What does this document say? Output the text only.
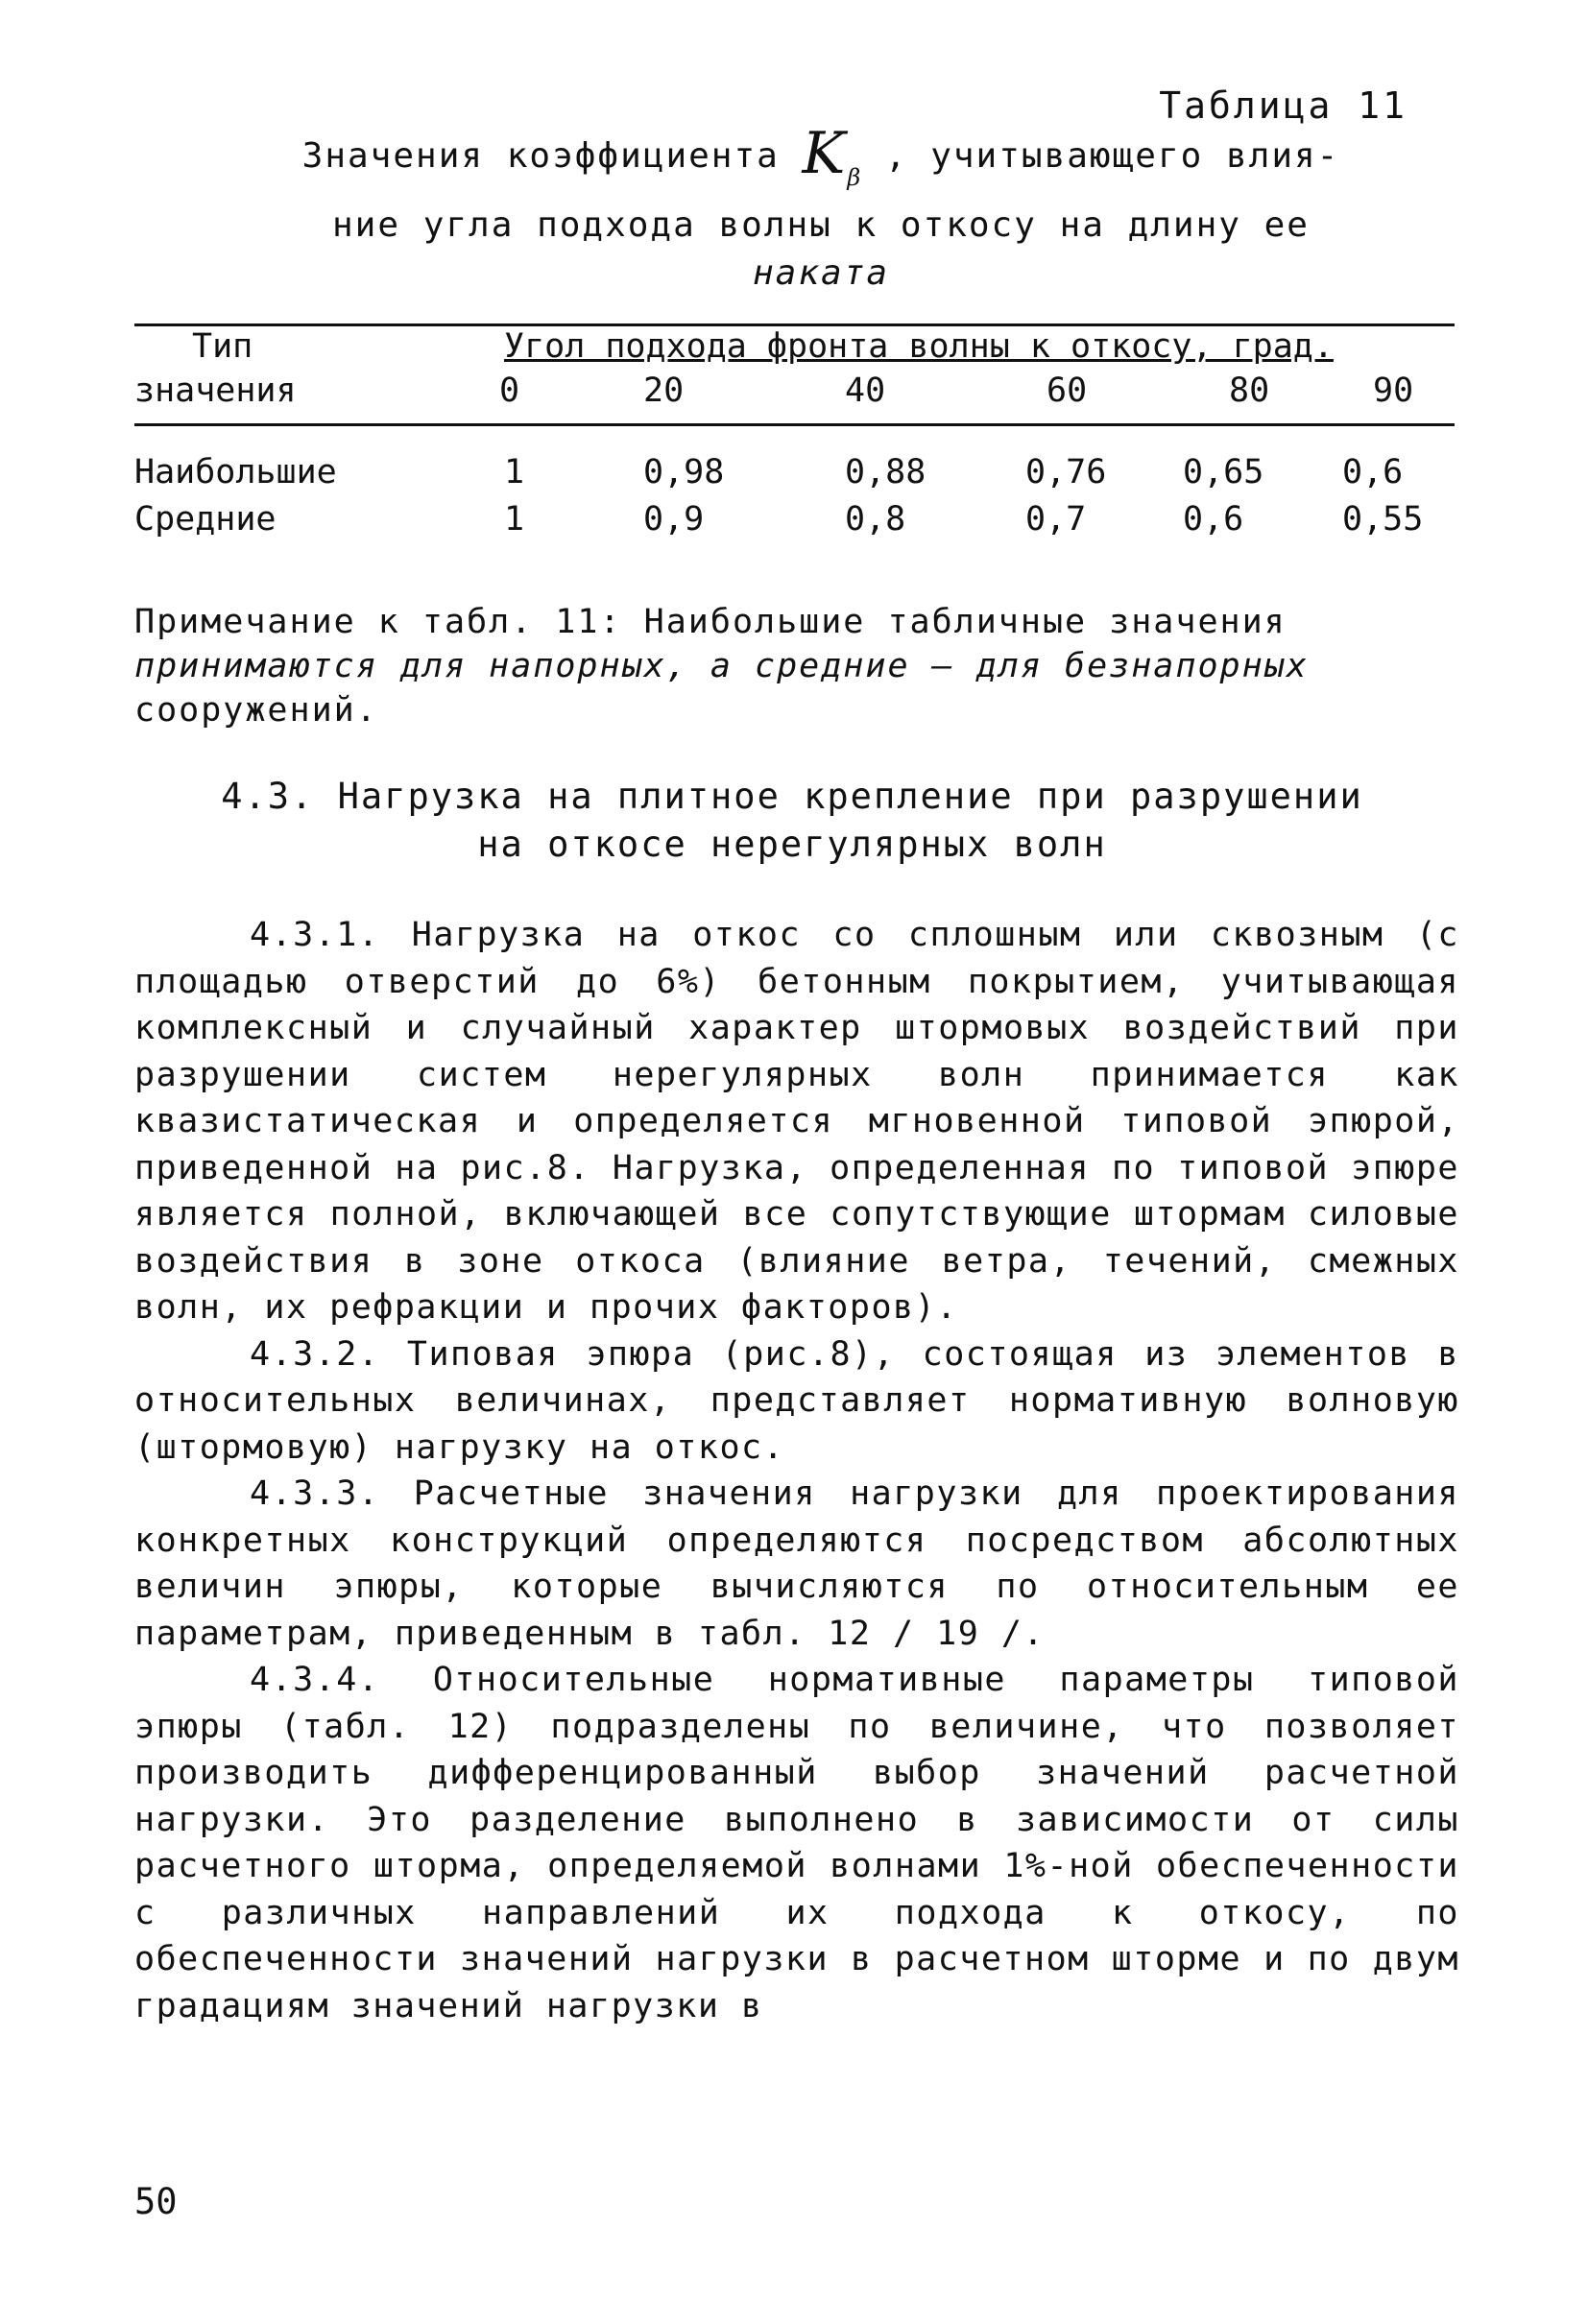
Таблица 11
Значения коэффициента $K_\beta$ , учитывающего влия-
ние угла подхода волны к откосу на длину ее
наката
Тип
значения
Угол подхода фронта волны к откосу, град.
0	20	40	60	80	90
Наибольшие	1	0,98	0,88	0,76 0,65 0,6
Средние	1	0,9	0,8	0,7	0,6	0,55
Примечание к табл. 11: Наибольшие табличные значения
принимаются для напорных, а средние – для безнапорных
сооружений.
4.3. Нагрузка на плитное крепление при разрушении
на откосе нерегулярных волн

4.3.1. Нагрузка на откос со сплошным или сквозным (с площадью отверстий до 6%) бетонным покрытием, учитывающая комплексный и случайный характер штормовых воздействий при разрушении систем нерегулярных волн принимается как квазистатическая и определяется мгновенной типовой эпюрой, приведенной на рис.8. Нагрузка, определенная по типовой эпюре является полной, включающей все сопутствующие штормам силовые воздействия в зоне откоса (влияние ветра, течений, смежных волн, их рефракции и прочих факторов).

4.3.2. Типовая эпюра (рис.8), состоящая из элементов в относительных величинах, представляет нормативную волновую (штормовую) нагрузку на откос.

4.3.3. Расчетные значения нагрузки для проектирования конкретных конструкций определяются посредством абсолютных величин эпюры, которые вычисляются по относительным ее параметрам, приведенным в табл. 12 / 19 /.

4.3.4. Относительные нормативные параметры типовой эпюры (табл. 12) подразделены по величине, что позволяет производить дифференцированный выбор значений расчетной нагрузки. Это разделение выполнено в зависимости от силы расчетного шторма, определяемой волнами 1%-ной обеспеченности с различных направлений их подхода к откосу, по обеспеченности значений нагрузки в расчетном шторме и по двум градациям значений нагрузки в

50
